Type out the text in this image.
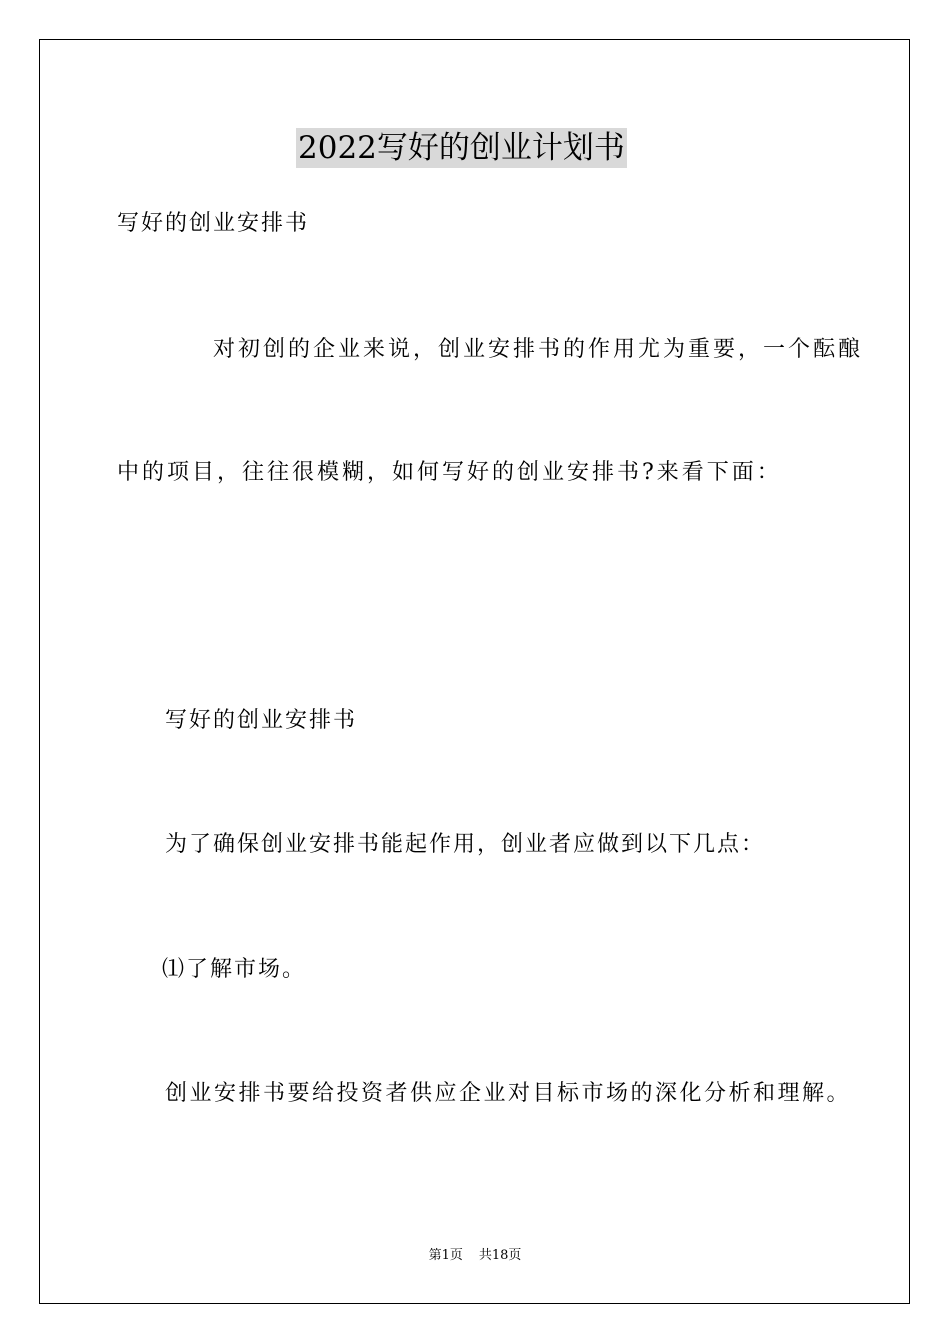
2022写好的创业计划书
写好的创业安排书
对初创的企业来说，创业安排书的作用尤为重要，一个酝酿
中的项目，往往很模糊，如何写好的创业安排书?来看下面：
写好的创业安排书
为了确保创业安排书能起作用，创业者应做到以下几点：
⑴了解市场。
创业安排书要给投资者供应企业对目标市场的深化分析和理解。
第1页 共18页
